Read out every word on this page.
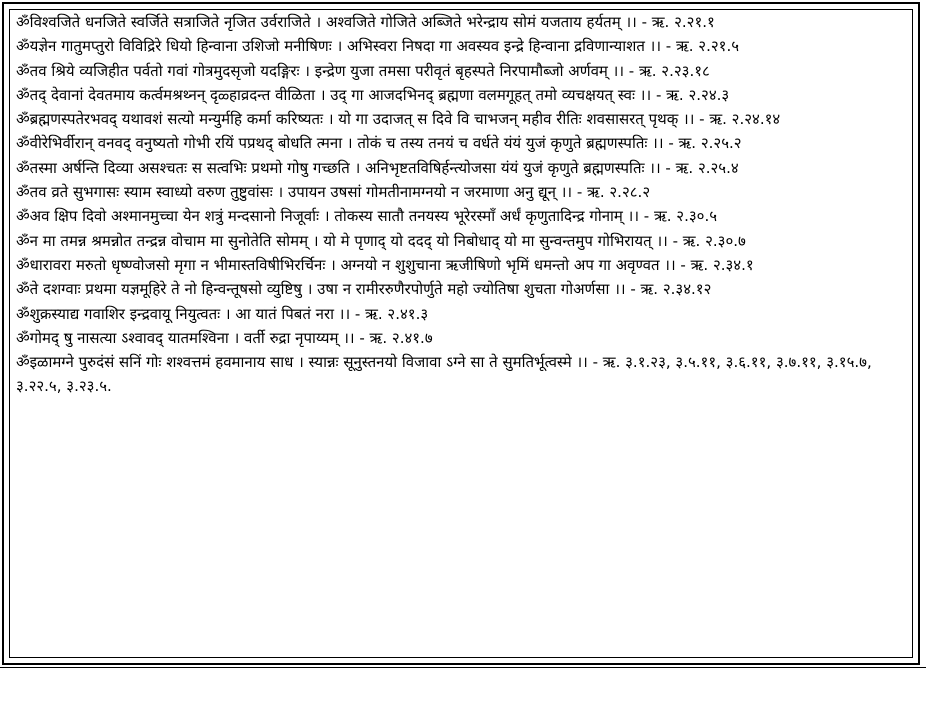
ॐविश्वजिते धनजिते स्वर्जिते सत्राजिते नृजित उर्वराजिते । अश्वजिते गोजिते अब्जिते भरेन्द्राय सोमं यजताय हर्यतम् ।। - ऋ. २.२१.१

ॐयज्ञेन गातुमप्तुरो विविद्रिरे धियो हिन्वाना उशिजो मनीषिणः । अभिस्वरा निषदा गा अवस्यव इन्द्रे हिन्वाना द्रविणान्याशत ।। - ऋ. २.२१.५

ॐतव श्रिये व्यजिहीत पर्वतो गवां गोत्रमुदसृजो यदङ्गिरः । इन्द्रेण युजा तमसा परीवृतं बृहस्पते निरपामौब्जो अर्णवम् ।। - ऋ. २.२३.१८

ॐतद् देवानां देवतमाय कर्त्वमश्रथ्नन् दृळ्हाव्रदन्त वीळिता । उद् गा आजदभिनद् ब्रह्मणा वलमगूहत् तमो व्यचक्षयत् स्वः ।। - ऋ. २.२४.३

ॐब्रह्मणस्पतेरभवद् यथावशं सत्यो मन्युर्महि कर्मा करिष्यतः । यो गा उदाजत् स दिवे वि चाभजन् महीव रीतिः शवसासरत् पृथक् ।। - ऋ. २.२४.१४

ॐवीरेभिर्वीरान् वनवद् वनुष्यतो गोभी रयिं पप्रथद् बोधति त्मना । तोकं च तस्य तनयं च वर्धते यंयं युजं कृणुते ब्रह्मणस्पतिः ।। - ऋ. २.२५.२

ॐतस्मा अर्षन्ति दिव्या असश्चतः स सत्वभिः प्रथमो गोषु गच्छति । अनिभृष्टतविषिर्हन्त्योजसा यंयं युजं कृणुते ब्रह्मणस्पतिः ।। - ऋ. २.२५.४

ॐतव व्रते सुभगासः स्याम स्वाध्यो वरुण तुष्टुवांसः । उपायन उषसां गोमतीनामग्नयो न जरमाणा अनु द्यून् ।। - ऋ. २.२८.२

ॐअव क्षिप दिवो अश्मानमुच्चा येन शत्रुं मन्दसानो निजूर्वाः । तोकस्य सातौ तनयस्य भूरेरस्माँ अर्धं कृणुतादिन्द्र गोनाम् ।। - ऋ. २.३०.५

ॐन मा तमन्न श्रमन्नोत तन्द्रन्न वोचाम मा सुनोतेति सोमम् । यो मे पृणाद् यो ददद् यो निबोधाद् यो मा सुन्वन्तमुप गोभिरायत् ।। - ऋ. २.३०.७

ॐधारावरा मरुतो धृष्ण्वोजसो मृगा न भीमास्तविषीभिरर्चिनः । अग्नयो न शुशुचाना ऋजीषिणो भृमिं धमन्तो अप गा अवृण्वत ।। - ऋ. २.३४.१

ॐते दशग्वाः प्रथमा यज्ञमूहिरे ते नो हिन्वन्तूषसो व्युष्टिषु । उषा न रामीररुणैरपोर्णुते महो ज्योतिषा शुचता गोअर्णसा ।। - ऋ. २.३४.१२

ॐशुक्रस्याद्य गवाशिर इन्द्रवायू नियुत्वतः । आ यातं पिबतं नरा ।। - ऋ. २.४१.३

ॐगोमद् षु नासत्या ऽश्वावद् यातमश्विना । वर्ती रुद्रा नृपाय्यम् ।। - ऋ. २.४१.७

ॐइळामग्ने पुरुदंसं सनिं गोः शश्वत्तमं हवमानाय साध । स्यान्नः सूनुस्तनयो विजावा ऽग्ने सा ते सुमतिर्भूत्वस्मे ।। - ऋ. ३.१.२३, ३.५.११, ३.६.११, ३.७.११, ३.१५.७, ३.२२.५, ३.२३.५.
